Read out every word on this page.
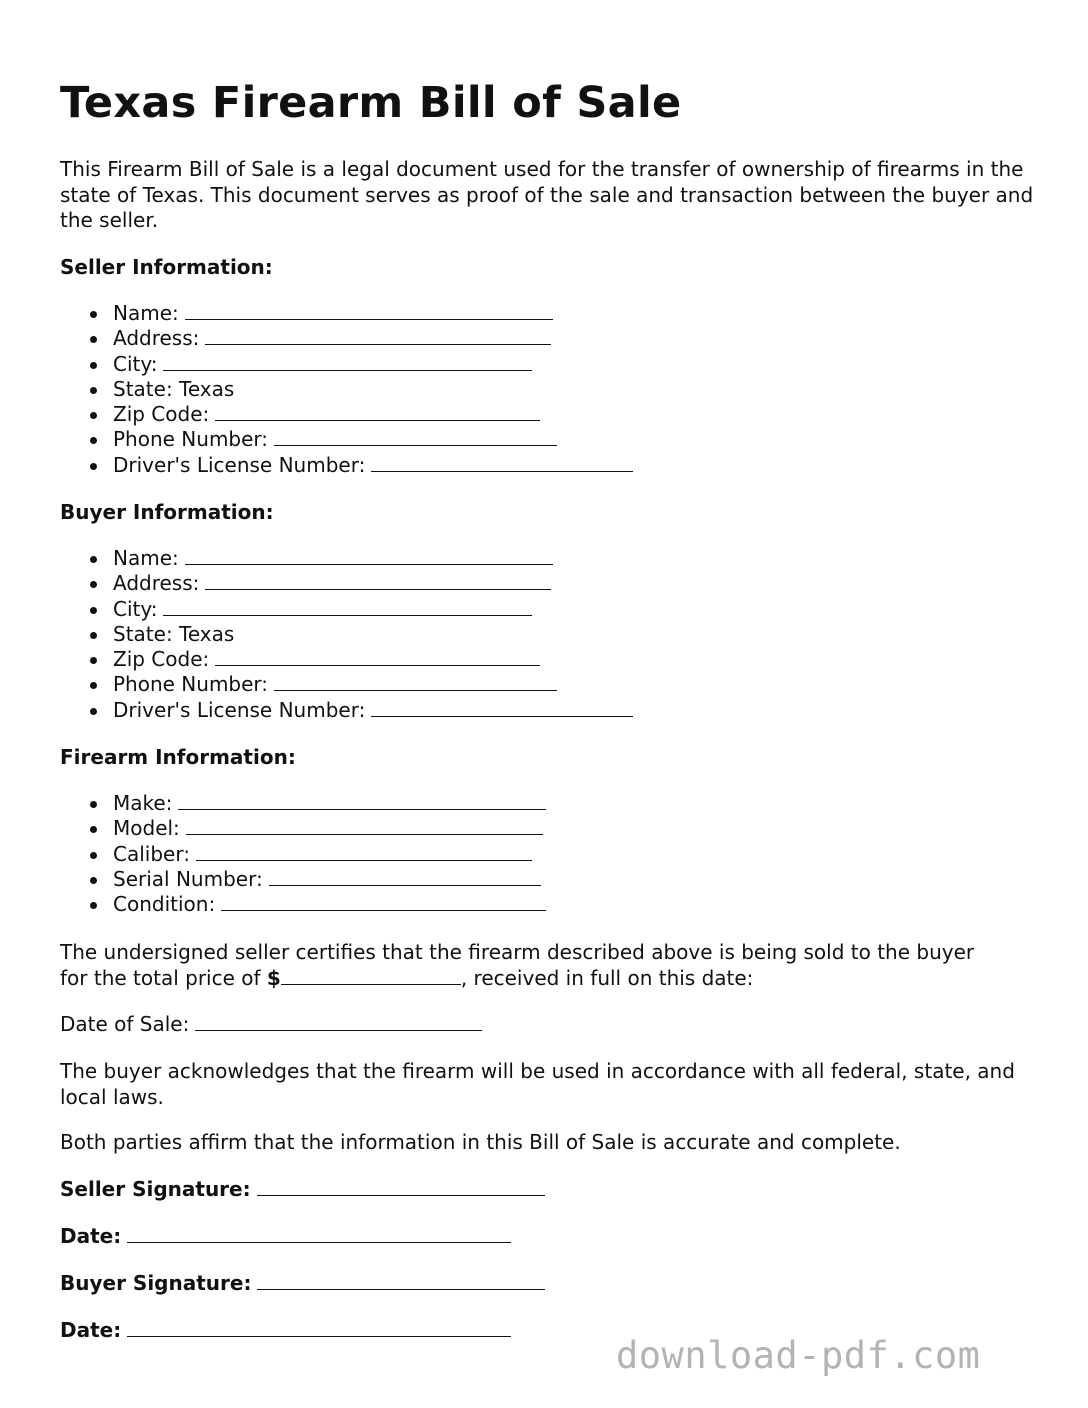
Texas Firearm Bill of Sale

This Firearm Bill of Sale is a legal document used for the transfer of ownership of firearms in the state of Texas. This document serves as proof of the sale and transaction between the buyer and the seller.

Seller Information:
Name:
Address:
City:
State: Texas
Zip Code:
Phone Number:
Driver's License Number:
Buyer Information:
Name:
Address:
City:
State: Texas
Zip Code:
Phone Number:
Driver's License Number:
Firearm Information:
Make:
Model:
Caliber:
Serial Number:
Condition:

The undersigned seller certifies that the firearm described above is being sold to the buyer for the total price of $	, received in full on this date:

Date of Sale:

The buyer acknowledges that the firearm will be used in accordance with all federal, state, and local laws.

Both parties affirm that the information in this Bill of Sale is accurate and complete.

Seller Signature:
Date:
Buyer Signature:
Date:
download-pdf.com
